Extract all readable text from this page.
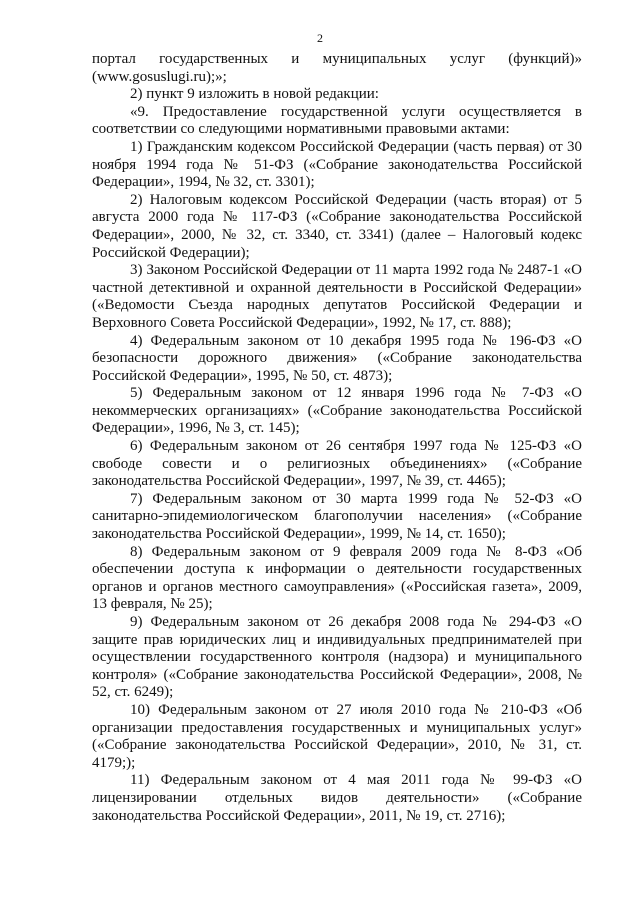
2

портал государственных и муниципальных услуг (функций)» (www.gosuslugi.ru);»;

2) пункт 9 изложить в новой редакции:

«9. Предоставление государственной услуги осуществляется в соответствии со следующими нормативными правовыми актами:

1) Гражданским кодексом Российской Федерации (часть первая) от 30 ноября 1994 года № 51-ФЗ («Собрание законодательства Российской Федерации», 1994, № 32, ст. 3301);

2) Налоговым кодексом Российской Федерации (часть вторая) от 5 августа 2000 года № 117-ФЗ («Собрание законодательства Российской Федерации», 2000, № 32, ст. 3340, ст. 3341) (далее – Налоговый кодекс Российской Федерации);

3) Законом Российской Федерации от 11 марта 1992 года № 2487-1 «О частной детективной и охранной деятельности в Российской Федерации» («Ведомости Съезда народных депутатов Российской Федерации и Верховного Совета Российской Федерации», 1992, № 17, ст. 888);

4) Федеральным законом от 10 декабря 1995 года № 196-ФЗ «О безопасности дорожного движения» («Собрание законодательства Российской Федерации», 1995, № 50, ст. 4873);

5) Федеральным законом от 12 января 1996 года № 7-ФЗ «О некоммерческих организациях» («Собрание законодательства Российской Федерации», 1996, № 3, ст. 145);

6) Федеральным законом от 26 сентября 1997 года № 125-ФЗ «О свободе совести и о религиозных объединениях» («Собрание законодательства Российской Федерации», 1997, № 39, ст. 4465);

7) Федеральным законом от 30 марта 1999 года № 52-ФЗ «О санитарно-эпидемиологическом благополучии населения» («Собрание законодательства Российской Федерации», 1999, № 14, ст. 1650);

8) Федеральным законом от 9 февраля 2009 года № 8-ФЗ «Об обеспечении доступа к информации о деятельности государственных органов и органов местного самоуправления» («Российская газета», 2009, 13 февраля, № 25);

9) Федеральным законом от 26 декабря 2008 года № 294-ФЗ «О защите прав юридических лиц и индивидуальных предпринимателей при осуществлении государственного контроля (надзора) и муниципального контроля» («Собрание законодательства Российской Федерации», 2008, № 52, ст. 6249);

10) Федеральным законом от 27 июля 2010 года № 210-ФЗ «Об организации предоставления государственных и муниципальных услуг» («Собрание законодательства Российской Федерации», 2010, № 31, ст. 4179;);

11) Федеральным законом от 4 мая 2011 года № 99-ФЗ «О лицензировании отдельных видов деятельности» («Собрание законодательства Российской Федерации», 2011, № 19, ст. 2716);
